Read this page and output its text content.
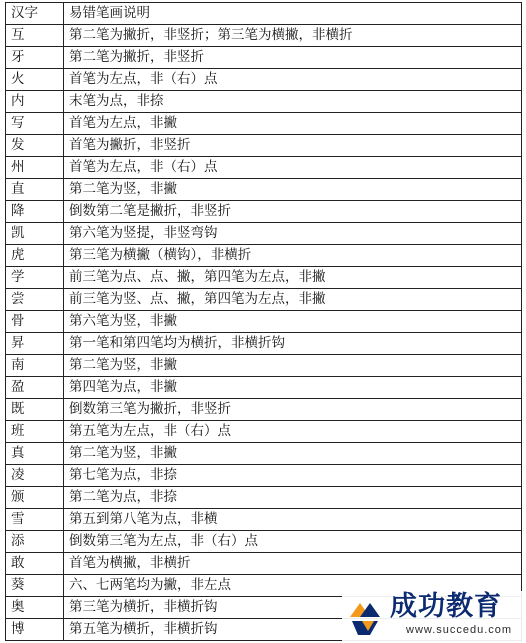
汉字	易错笔画说明
互	第二笔为撇折，非竖折；第三笔为横撇，非横折
牙	第二笔为撇折，非竖折
火	首笔为左点，非（右）点
内	末笔为点，非捺
写	首笔为左点，非撇
发	首笔为撇折，非竖折
州	首笔为左点，非（右）点
直	第二笔为竖，非撇
降	倒数第二笔是撇折，非竖折
凯	第六笔为竖提，非竖弯钩
虎	第三笔为横撇（横钩），非横折
学	前三笔为点、点、撇，第四笔为左点，非撇
尝	前三笔为竖、点、撇，第四笔为左点，非撇
骨	第六笔为竖，非撇
昇	第一笔和第四笔均为横折，非横折钩
南	第二笔为竖，非撇
盈	第四笔为点，非撇
既	倒数第三笔为撇折，非竖折
班	第五笔为左点，非（右）点
真	第二笔为竖，非撇
凌	第七笔为点，非捺
颁	第二笔为点，非捺
雪	第五到第八笔为点，非横
添	倒数第三笔为左点，非（右）点
敢	首笔为横撇，非横折
葵	六、七两笔均为撇，非左点
奥	第三笔为横折，非横折钩
博	第五笔为横折，非横折钩
成功教育
www.succedu.com
